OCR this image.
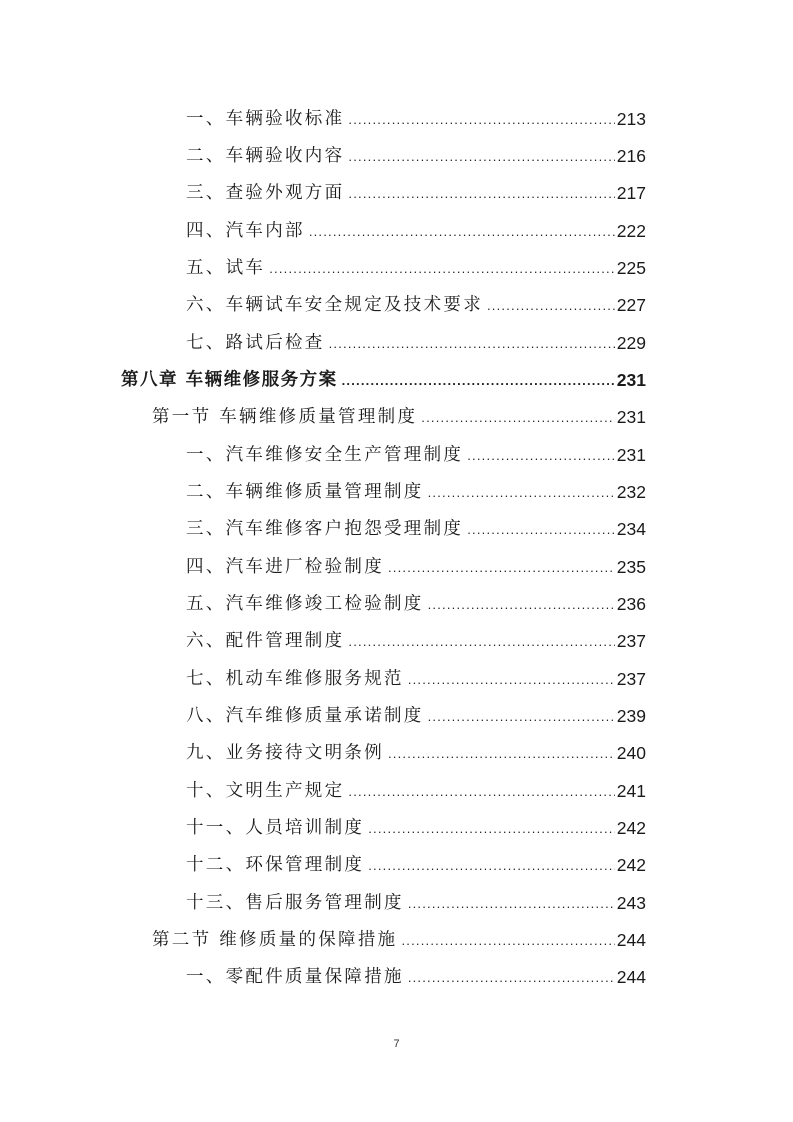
一、车辆验收标准 .....	213
二、车辆验收内容 .....	216
三、查验外观方面 .....	217
四、汽车内部 .....	222
五、试车 .....	225
六、车辆试车安全规定及技术要求 .....	227
七、路试后检查 .....	229
第八章 车辆维修服务方案 .....	231
第一节 车辆维修质量管理制度 .....	231
一、汽车维修安全生产管理制度 .....	231
二、车辆维修质量管理制度 .....	232
三、汽车维修客户抱怨受理制度 .....	234
四、汽车进厂检验制度 .....	235
五、汽车维修竣工检验制度 .....	236
六、配件管理制度 .....	237
七、机动车维修服务规范 .....	237
八、汽车维修质量承诺制度 .....	239
九、业务接待文明条例 .....	240
十、文明生产规定 .....	241
十一、人员培训制度 .....	242
十二、环保管理制度 .....	242
十三、售后服务管理制度 .....	243
第二节 维修质量的保障措施 .....	244
一、零配件质量保障措施 .....	244
7
